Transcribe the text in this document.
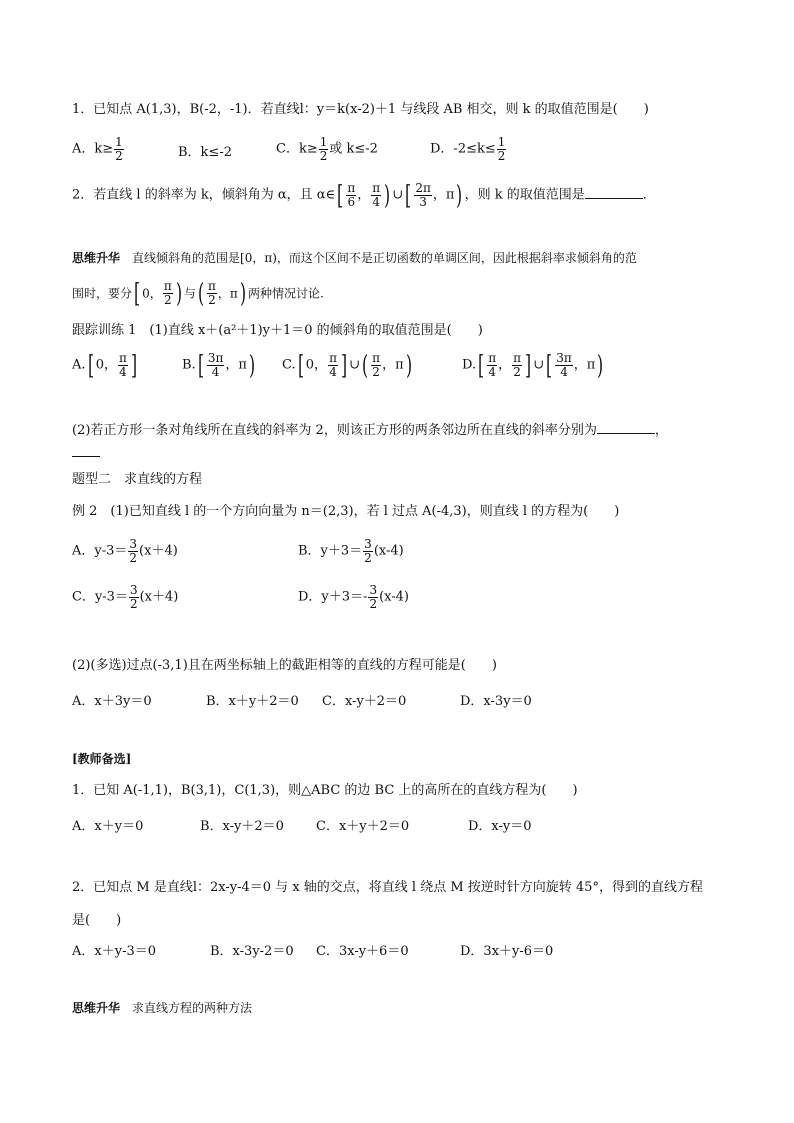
1．已知点 A(1,3)，B(-2，-1)．若直线l：y＝k(x-2)＋1 与线段 AB 相交，则 k 的取值范围是(　　)
A．$k\ge \frac{1}{2}$	B．k≤-2	C．$k\ge \frac{1}{2}$ 或 k≤-2	D．$-2\le k\le \frac{1}{2}$
2．若直线 l 的斜率为 k，倾斜角为 α，且 α∈[ $\frac{\pi}{6}$ ， $\frac{\pi}{4}$ ) ∪[ $\frac{2\pi}{3}$ ，π) ，则 k 的取值范围是	．
思维升华　 直线倾斜角的范围是[0，π)，而这个区间不是正切函数的单调区间，因此根据斜率求倾斜角的范
围时，要分[ 0， $\frac{\pi}{2}$ ) 与( $\frac{\pi}{2}$ ，π) 两种情况讨论.
跟踪训练 1　(1)直线 x＋(a²＋1)y＋1＝0 的倾斜角的取值范围是(　　)
A.[ 0， $\frac{\pi}{4}$ ]	$B.[ \frac{3\pi}{4}$ ，π) C.[ 0， $\frac{\pi}{4}$ ] ∪( $\frac{\pi}{2}$ ，π)	$D.[ \frac{\pi}{4}$ ， $\frac{\pi}{2}$ ] ∪[ $\frac{3\pi}{4}$ ，π)
(2)若正方形一条对角线所在直线的斜率为 2，则该正方形的两条邻边所在直线的斜率分别为	，
题型二　求直线的方程
例 2　(1)已知直线 l 的一个方向向量为 n＝(2,3)，若 l 过点 A(-4,3)，则直线 l 的方程为(　　)
A．$y-3= \frac{3}{2} (x+4)$	B．$y+3= \frac{3}{2} (x-4)$
C．$y-3= \frac{3}{2} (x+4)$	D．$y+3=- \frac{3}{2} (x-4)$
(2)(多选)过点(-3,1)且在两坐标轴上的截距相等的直线的方程可能是(　　)
A．x＋3y＝0	B．x＋y＋2＝0 C．x-y＋2＝0	D．x-3y＝0
[教师备选]
1．已知 A(-1,1)，B(3,1)，C(1,3)，则△ABC 的边 BC 上的高所在的直线方程为(　　)
A．x＋y＝0	B．x-y＋2＝0 C．x＋y＋2＝0	D．x-y＝0
2．已知点 M 是直线l：2x-y-4＝0 与 x 轴的交点，将直线 l 绕点 M 按逆时针方向旋转 45°，得到的直线方程
是(　　)
A．x＋y-3＝0	B．x-3y-2＝0 C．3x-y＋6＝0	D．3x＋y-6＝0
思维升华　 求直线方程的两种方法
